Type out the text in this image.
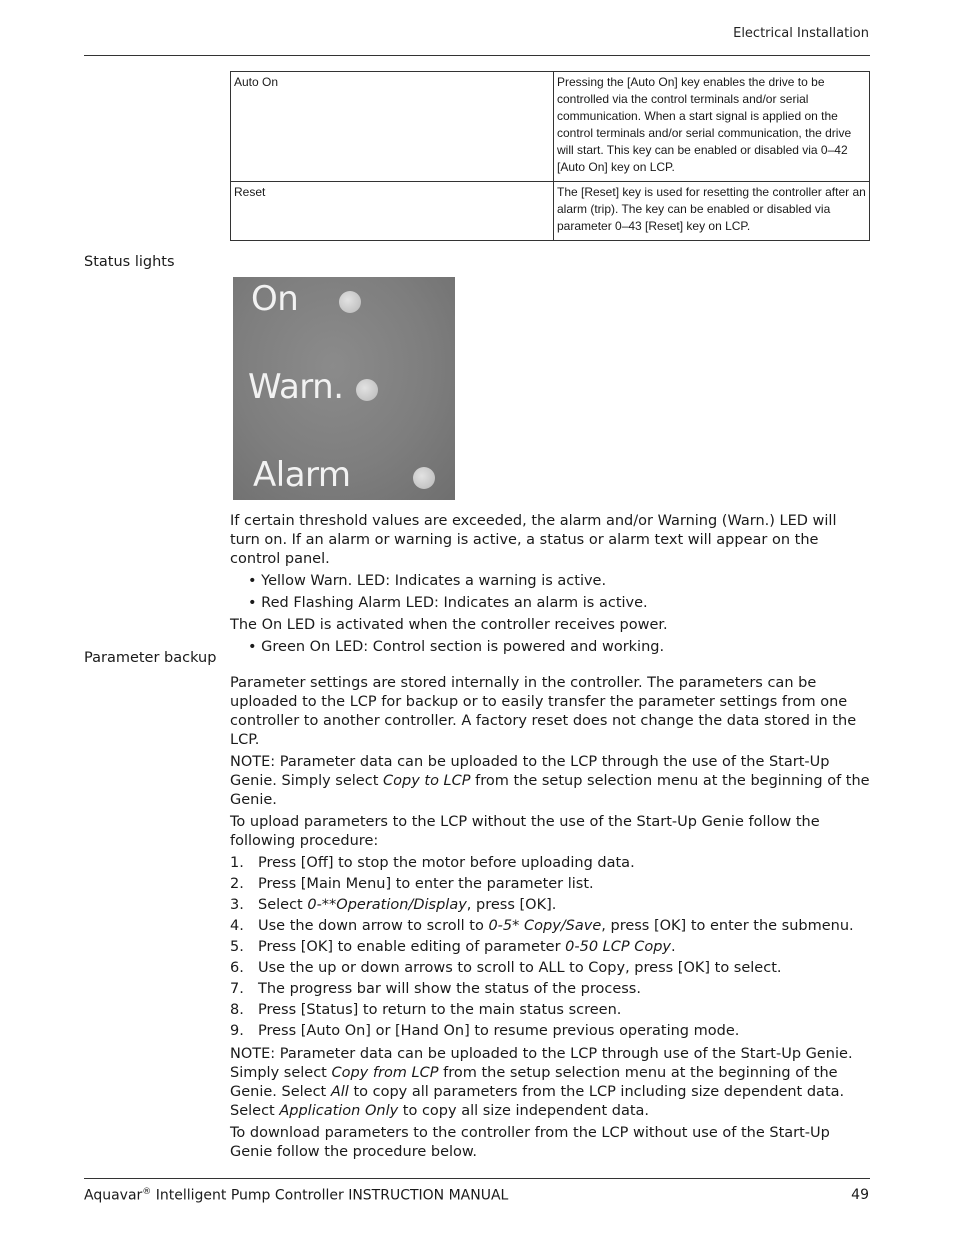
Electrical Installation
Auto On	Pressing the [Auto On] key enables the drive to be controlled via the control terminals and/or serial communication. When a start signal is applied on the control terminals and/or serial communication, the drive will start. This key can be enabled or disabled via 0–42 [Auto On] key on LCP.
Reset	The [Reset] key is used for resetting the controller after an alarm (trip). The key can be enabled or disabled via parameter 0–43 [Reset] key on LCP.
Status lights
On
Warn.
Alarm

If certain threshold values are exceeded, the alarm and/or Warning (Warn.) LED will turn on. If an alarm or warning is active, a status or alarm text will appear on the control panel.

• Yellow Warn. LED: Indicates a warning is active.

• Red Flashing Alarm LED: Indicates an alarm is active.

The On LED is activated when the controller receives power.

• Green On LED: Control section is powered and working.

Parameter backup

Parameter settings are stored internally in the controller. The parameters can be uploaded to the LCP for backup or to easily transfer the parameter settings from one controller to another controller. A factory reset does not change the data stored in the LCP.

NOTE: Parameter data can be uploaded to the LCP through the use of the Start-Up Genie. Simply select Copy to LCP from the setup selection menu at the beginning of the Genie.

To upload parameters to the LCP without the use of the Start-Up Genie follow the following procedure:

1. Press [Off] to stop the motor before uploading data.

2. Press [Main Menu] to enter the parameter list.

3. Select 0-**Operation/Display, press [OK].

4. Use the down arrow to scroll to 0-5* Copy/Save, press [OK] to enter the submenu.

5. Press [OK] to enable editing of parameter 0-50 LCP Copy.

6. Use the up or down arrows to scroll to ALL to Copy, press [OK] to select.

7. The progress bar will show the status of the process.

8. Press [Status] to return to the main status screen.

9. Press [Auto On] or [Hand On] to resume previous operating mode.

NOTE: Parameter data can be uploaded to the LCP through use of the Start-Up Genie. Simply select Copy from LCP from the setup selection menu at the beginning of the Genie. Select All to copy all parameters from the LCP including size dependent data. Select Application Only to copy all size independent data.

To download parameters to the controller from the LCP without use of the Start-Up Genie follow the procedure below.

Aquavar® Intelligent Pump Controller INSTRUCTION MANUAL	49
